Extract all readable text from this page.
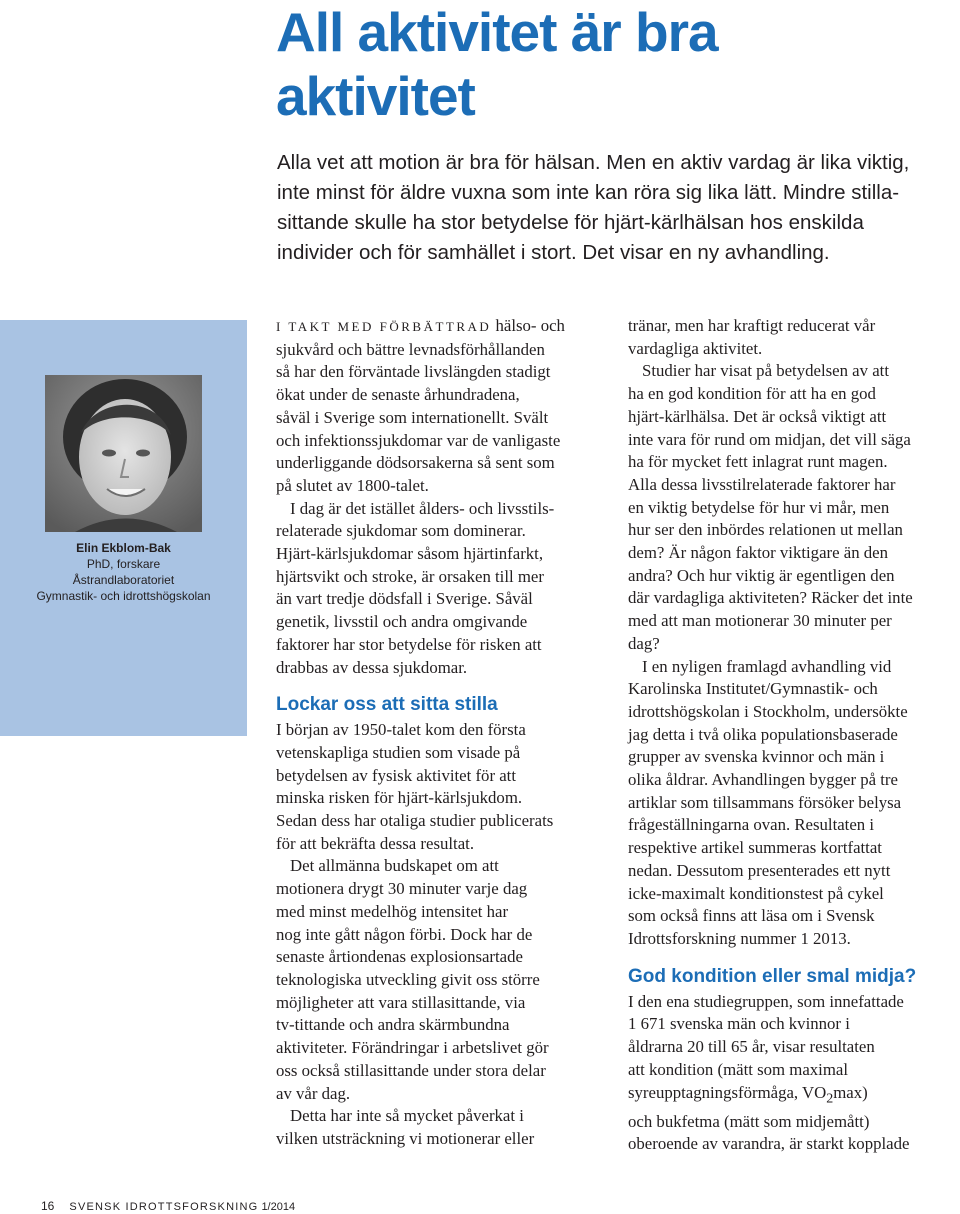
All aktivitet är bra
aktivitet
Alla vet att motion är bra för hälsan. Men en aktiv vardag är lika viktig,
inte minst för äldre vuxna som inte kan röra sig lika lätt. Mindre stilla-
sittande skulle ha stor betydelse för hjärt-kärlhälsan hos enskilda
individer och för samhället i stort. Det visar en ny avhandling.
Elin Ekblom-Bak
PhD, forskare
Åstrandlaboratoriet
Gymnastik- och idrottshögskolan
I TAKT MED FÖRBÄTTRAD hälso- och
sjukvård och bättre levnadsförhållanden
så har den förväntade livslängden stadigt
ökat under de senaste århundradena,
såväl i Sverige som internationellt. Svält
och infektionssjukdomar var de vanligaste
underliggande dödsorsakerna så sent som
på slutet av 1800-talet.
I dag är det istället ålders- och livsstils-
relaterade sjukdomar som dominerar.
Hjärt-kärlsjukdomar såsom hjärtinfarkt,
hjärtsvikt och stroke, är orsaken till mer
än vart tredje dödsfall i Sverige. Såväl
genetik, livsstil och andra omgivande
faktorer har stor betydelse för risken att
drabbas av dessa sjukdomar.
Lockar oss att sitta stilla
I början av 1950-talet kom den första
vetenskapliga studien som visade på
betydelsen av fysisk aktivitet för att
minska risken för hjärt-kärlsjukdom.
Sedan dess har otaliga studier publicerats
för att bekräfta dessa resultat.
Det allmänna budskapet om att
motionera drygt 30 minuter varje dag
med minst medelhög intensitet har
nog inte gått någon förbi. Dock har de
senaste årtiondenas explosionsartade
teknologiska utveckling givit oss större
möjligheter att vara stillasittande, via
tv-tittande och andra skärmbundna
aktiviteter. Förändringar i arbetslivet gör
oss också stillasittande under stora delar
av vår dag.
Detta har inte så mycket påverkat i
vilken utsträckning vi motionerar eller
tränar, men har kraftigt reducerat vår
vardagliga aktivitet.
Studier har visat på betydelsen av att
ha en god kondition för att ha en god
hjärt-kärlhälsa. Det är också viktigt att
inte vara för rund om midjan, det vill säga
ha för mycket fett inlagrat runt magen.
Alla dessa livsstilrelaterade faktorer har
en viktig betydelse för hur vi mår, men
hur ser den inbördes relationen ut mellan
dem? Är någon faktor viktigare än den
andra? Och hur viktig är egentligen den
där vardagliga aktiviteten? Räcker det inte
med att man motionerar 30 minuter per
dag?
I en nyligen framlagd avhandling vid
Karolinska Institutet/Gymnastik- och
idrottshögskolan i Stockholm, undersökte
jag detta i två olika populationsbaserade
grupper av svenska kvinnor och män i
olika åldrar. Avhandlingen bygger på tre
artiklar som tillsammans försöker belysa
frågeställningarna ovan. Resultaten i
respektive artikel summeras kortfattat
nedan. Dessutom presenterades ett nytt
icke-maximalt konditionstest på cykel
som också finns att läsa om i Svensk
Idrottsforskning nummer 1 2013.
God kondition eller smal midja?
I den ena studiegruppen, som innefattade
1 671 svenska män och kvinnor i
åldrarna 20 till 65 år, visar resultaten
att kondition (mätt som maximal
syreupptagningsförmåga, $VO_2\max$)
och bukfetma (mätt som midjemått)
oberoende av varandra, är starkt kopplade
16 SVENSK IDROTTSFORSKNING 1/2014
